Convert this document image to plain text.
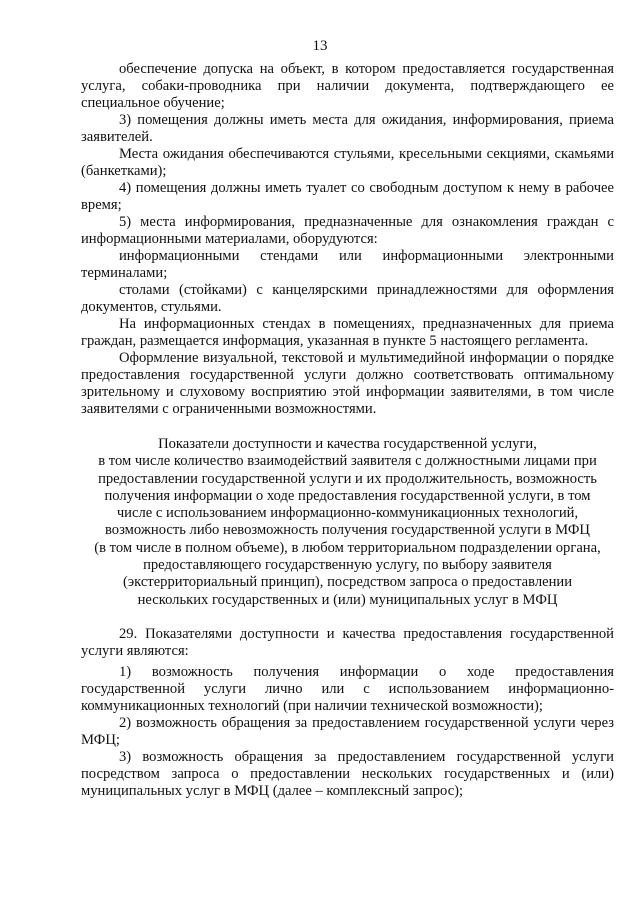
13

обеспечение допуска на объект, в котором предоставляется государственная услуга, собаки-проводника при наличии документа, подтверждающего ее специальное обучение;

3) помещения должны иметь места для ожидания, информирования, приема заявителей.

Места ожидания обеспечиваются стульями, кресельными секциями, скамьями (банкетками);

4) помещения должны иметь туалет со свободным доступом к нему в рабочее время;

5) места информирования, предназначенные для ознакомления граждан с информационными материалами, оборудуются:

информационными стендами или информационными электронными терминалами;

столами (стойками) с канцелярскими принадлежностями для оформления документов, стульями.

На информационных стендах в помещениях, предназначенных для приема граждан, размещается информация, указанная в пункте 5 настоящего регламента.

Оформление визуальной, текстовой и мультимедийной информации о порядке предоставления государственной услуги должно соответствовать оптимальному зрительному и слуховому восприятию этой информации заявителями, в том числе заявителями с ограниченными возможностями.

Показатели доступности и качества государственной услуги,
в том числе количество взаимодействий заявителя с должностными лицами при
предоставлении государственной услуги и их продолжительность, возможность
получения информации о ходе предоставления государственной услуги, в том
числе с использованием информационно-коммуникационных технологий,
возможность либо невозможность получения государственной услуги в МФЦ
(в том числе в полном объеме), в любом территориальном подразделении органа,
предоставляющего государственную услугу, по выбору заявителя
(экстерриториальный принцип), посредством запроса о предоставлении
нескольких государственных и (или) муниципальных услуг в МФЦ

29. Показателями доступности и качества предоставления государственной услуги являются:

1) возможность получения информации о ходе предоставления государственной услуги лично или с использованием информационно-коммуникационных технологий (при наличии технической возможности);

2) возможность обращения за предоставлением государственной услуги через МФЦ;

3) возможность обращения за предоставлением государственной услуги посредством запроса о предоставлении нескольких государственных и (или) муниципальных услуг в МФЦ (далее – комплексный запрос);
